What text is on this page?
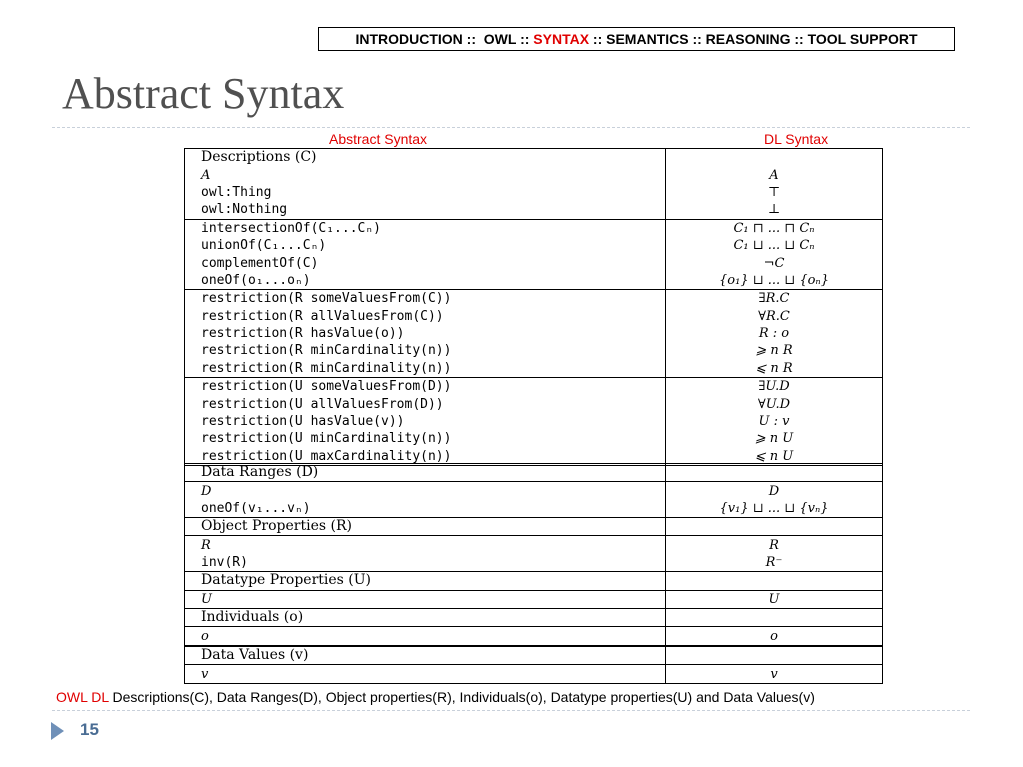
INTRODUCTION ::  OWL :: SYNTAX :: SEMANTICS :: REASONING :: TOOL SUPPORT
Abstract Syntax
Abstract Syntax	DL Syntax
Descriptions (C)	
A	A
owl:Thing	⊤
owl:Nothing	⊥
intersectionOf(C₁...Cₙ)	C₁ ⊓ ... ⊓ Cₙ
unionOf(C₁...Cₙ)	C₁ ⊔ ... ⊔ Cₙ
complementOf(C)	¬C
oneOf(o₁...oₙ)	{o₁} ⊔ ... ⊔ {oₙ}
restriction(R someValuesFrom(C))	∃R.C
restriction(R allValuesFrom(C))	∀R.C
restriction(R hasValue(o))	R : o
restriction(R minCardinality(n))	⩾ n R
restriction(R minCardinality(n))	⩽ n R
restriction(U someValuesFrom(D))	∃U.D
restriction(U allValuesFrom(D))	∀U.D
restriction(U hasValue(v))	U : v
restriction(U minCardinality(n))	⩾ n U
restriction(U maxCardinality(n))	⩽ n U
Data Ranges (D)	
D	D
oneOf(v₁...vₙ)	{v₁} ⊔ ... ⊔ {vₙ}
Object Properties (R)	
R	R
inv(R)	R⁻
Datatype Properties (U)	
U	U
Individuals (o)	
o	o
Data Values (v)	
v	v
OWL DL Descriptions(C), Data Ranges(D), Object properties(R), Individuals(o), Datatype properties(U) and Data Values(v)
15
